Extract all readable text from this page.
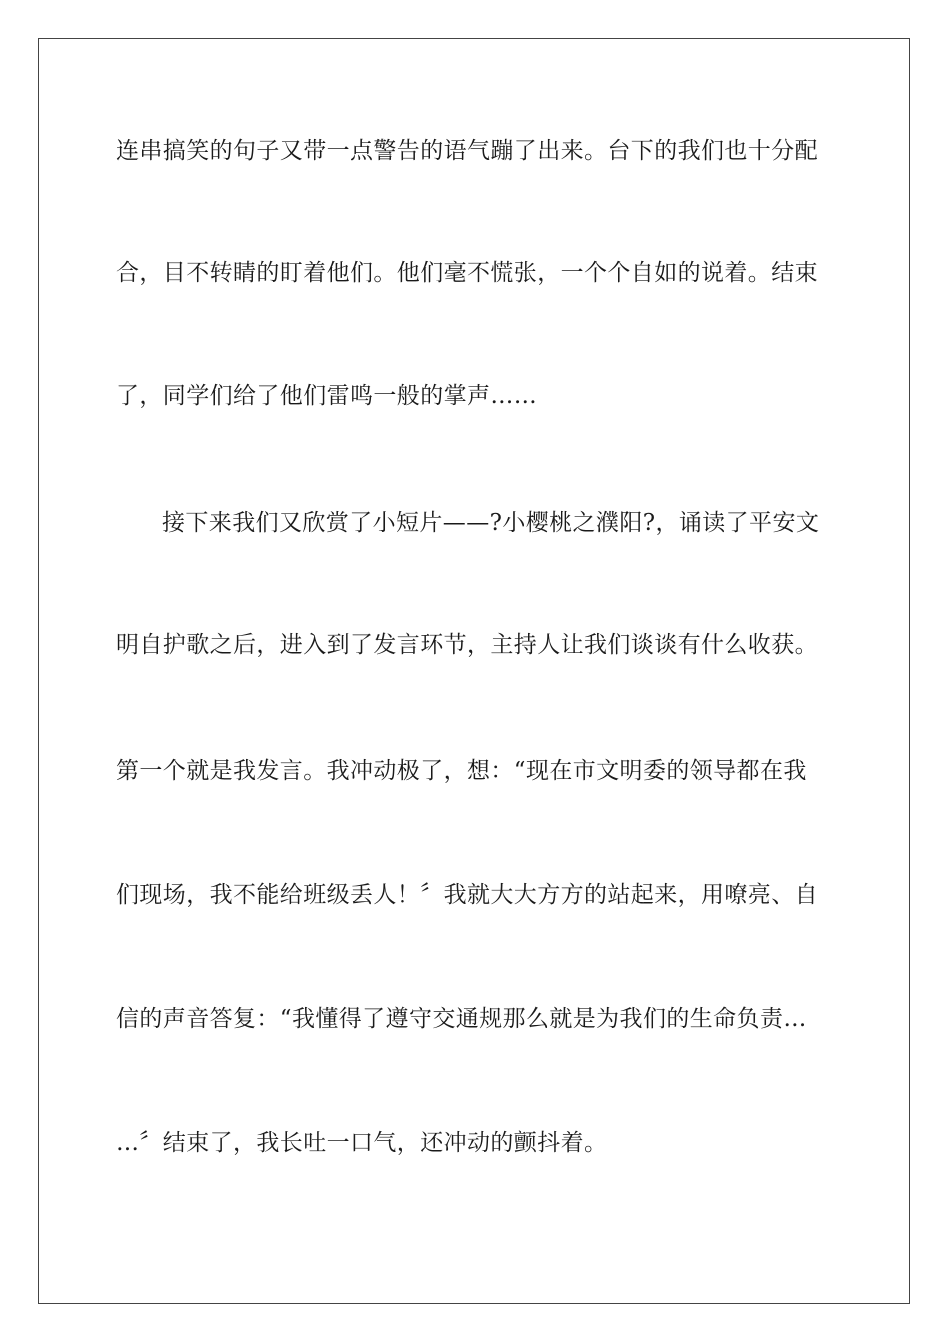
连串搞笑的句子又带一点警告的语气蹦了出来。台下的我们也十分配
合，目不转睛的盯着他们。他们毫不慌张，一个个自如的说着。结束
了，同学们给了他们雷鸣一般的掌声……
接下来我们又欣赏了小短片——?小樱桃之濮阳?，诵读了平安文
明自护歌之后，进入到了发言环节，主持人让我们谈谈有什么收获。
第一个就是我发言。我冲动极了，想：“现在市文明委的领导都在我
们现场，我不能给班级丢人！〞我就大大方方的站起来，用嘹亮、自
信的声音答复：“我懂得了遵守交通规那么就是为我们的生命负责…
…〞结束了，我长吐一口气，还冲动的颤抖着。
